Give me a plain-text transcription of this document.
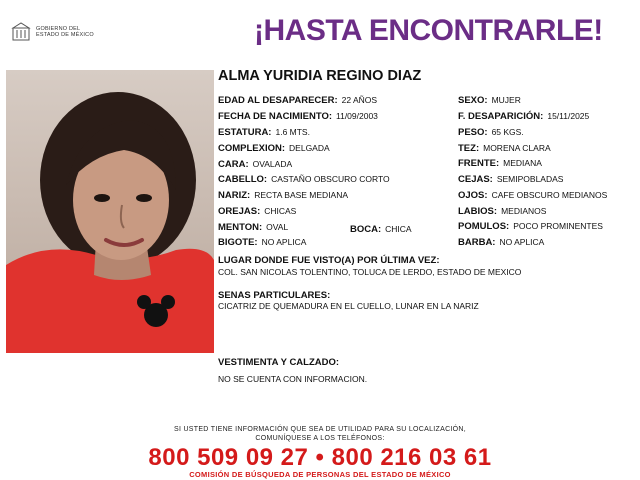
GOBIERNO DEL
ESTADO DE MÉXICO	¡HASTA ENCONTRARLE!
ALMA YURIDIA REGINO DIAZ
EDAD AL DESAPARECER: 22 AÑOS
FECHA DE NACIMIENTO: 11/09/2003
ESTATURA: 1.6 MTS.
COMPLEXION: DELGADA
CARA: OVALADA
CABELLO: CASTAÑO OBSCURO CORTO
NARIZ: RECTA BASE MEDIANA
OREJAS: CHICAS
MENTON: OVAL	BOCA: CHICA
BIGOTE: NO APLICA
SEXO: MUJER
F. DESAPARICIÓN: 15/11/2025
PESO: 65 KGS.
TEZ: MORENA CLARA
FRENTE: MEDIANA
CEJAS: SEMIPOBLADAS
OJOS: CAFE OBSCURO MEDIANOS
LABIOS: MEDIANOS
POMULOS: POCO PROMINENTES
BARBA: NO APLICA
LUGAR DONDE FUE VISTO(A) POR ÚLTIMA VEZ:
COL. SAN NICOLAS TOLENTINO, TOLUCA DE LERDO, ESTADO DE MEXICO
SENAS PARTICULARES:
CICATRIZ DE QUEMADURA EN EL CUELLO, LUNAR EN LA NARIZ
VESTIMENTA Y CALZADO:
NO SE CUENTA CON INFORMACION.
SI USTED TIENE INFORMACIÓN QUE SEA DE UTILIDAD PARA SU LOCALIZACIÓN,
COMUNÍQUESE A LOS TELÉFONOS:
800 509 09 27 • 800 216 03 61
COMISIÓN DE BÚSQUEDA DE PERSONAS DEL ESTADO DE MÉXICO
